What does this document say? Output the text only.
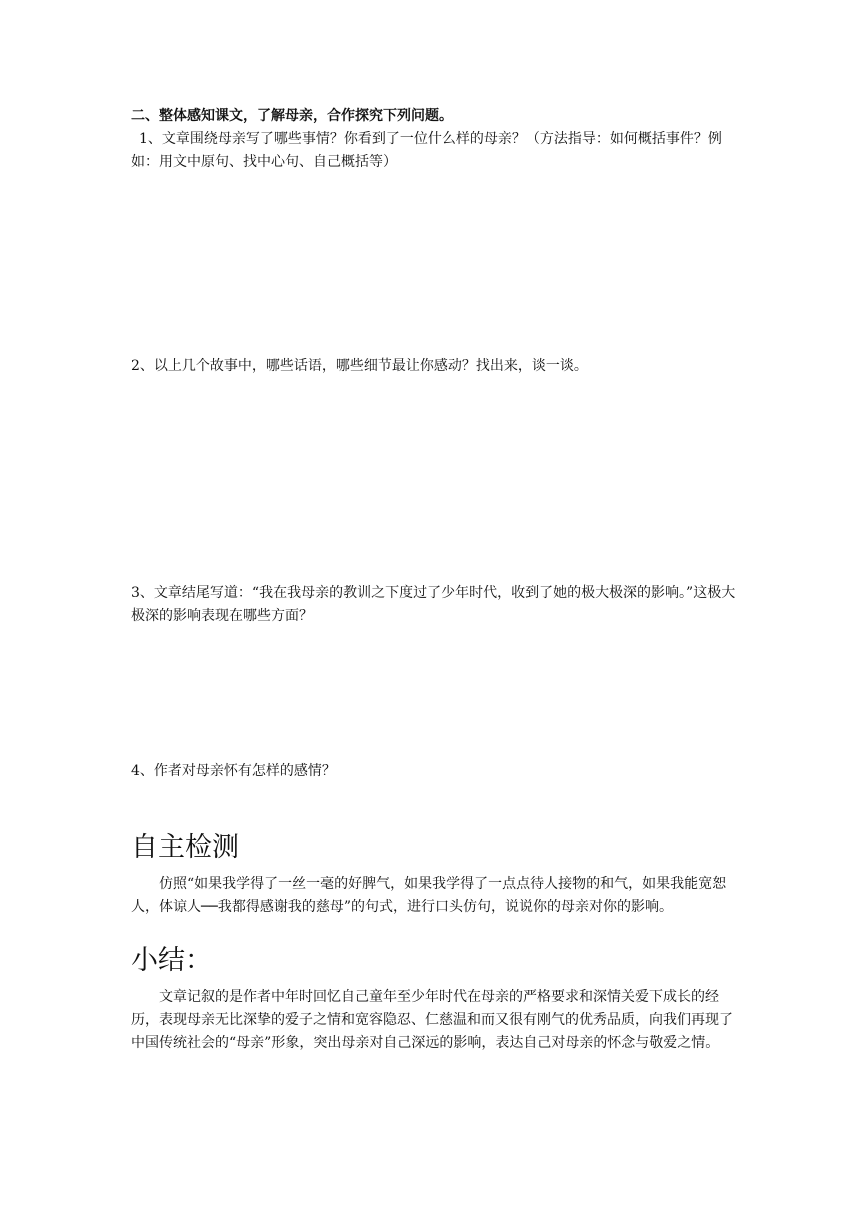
二、整体感知课文，了解母亲，合作探究下列问题。

1、文章围绕母亲写了哪些事情？你看到了一位什么样的母亲？（方法指导：如何概括事件？例如：用文中原句、找中心句、自己概括等）

2、以上几个故事中，哪些话语，哪些细节最让你感动？找出来，谈一谈。

3、文章结尾写道：“我在我母亲的教训之下度过了少年时代，收到了她的极大极深的影响。”这极大极深的影响表现在哪些方面？

4、作者对母亲怀有怎样的感情？

自主检测

仿照“如果我学得了一丝一毫的好脾气，如果我学得了一点点待人接物的和气，如果我能宽恕人，体谅人──我都得感谢我的慈母”的句式，进行口头仿句，说说你的母亲对你的影响。

小结：

文章记叙的是作者中年时回忆自己童年至少年时代在母亲的严格要求和深情关爱下成长的经历，表现母亲无比深挚的爱子之情和宽容隐忍、仁慈温和而又很有刚气的优秀品质，向我们再现了中国传统社会的“母亲”形象，突出母亲对自己深远的影响，表达自己对母亲的怀念与敬爱之情。
